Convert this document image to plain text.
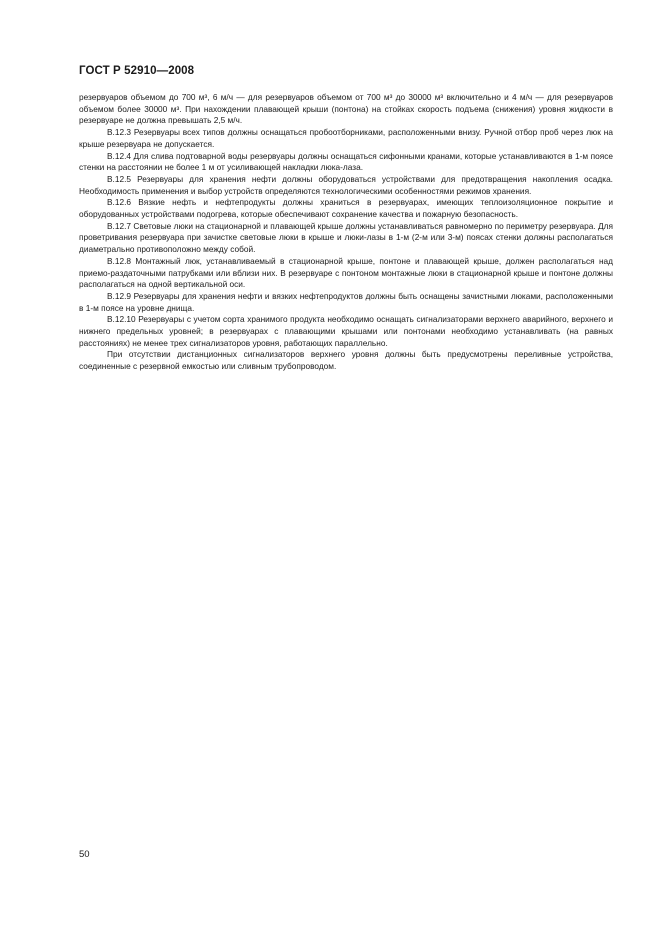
ГОСТ Р 52910—2008

резервуаров объемом до 700 м³, 6 м/ч — для резервуаров объемом от 700 м³ до 30000 м³ включительно и 4 м/ч — для резервуаров объемом более 30000 м³. При нахождении плавающей крыши (понтона) на стойках скорость подъема (снижения) уровня жидкости в резервуаре не должна превышать 2,5 м/ч.

В.12.3 Резервуары всех типов должны оснащаться пробоотборниками, расположенными внизу. Ручной отбор проб через люк на крыше резервуара не допускается.

В.12.4 Для слива подтоварной воды резервуары должны оснащаться сифонными кранами, которые устанавливаются в 1-м поясе стенки на расстоянии не более 1 м от усиливающей накладки люка-лаза.

В.12.5 Резервуары для хранения нефти должны оборудоваться устройствами для предотвращения накопления осадка. Необходимость применения и выбор устройств определяются технологическими особенностями режимов хранения.

В.12.6 Вязкие нефть и нефтепродукты должны храниться в резервуарах, имеющих теплоизоляционное покрытие и оборудованных устройствами подогрева, которые обеспечивают сохранение качества и пожарную безопасность.

В.12.7 Световые люки на стационарной и плавающей крыше должны устанавливаться равномерно по периметру резервуара. Для проветривания резервуара при зачистке световые люки в крыше и люки-лазы в 1-м (2-м или 3-м) поясах стенки должны располагаться диаметрально противоположно между собой.

В.12.8 Монтажный люк, устанавливаемый в стационарной крыше, понтоне и плавающей крыше, должен располагаться над приемо-раздаточными патрубками или вблизи них. В резервуаре с понтоном монтажные люки в стационарной крыше и понтоне должны располагаться на одной вертикальной оси.

В.12.9 Резервуары для хранения нефти и вязких нефтепродуктов должны быть оснащены зачистными люками, расположенными в 1-м поясе на уровне днища.

В.12.10 Резервуары с учетом сорта хранимого продукта необходимо оснащать сигнализаторами верхнего аварийного, верхнего и нижнего предельных уровней; в резервуарах с плавающими крышами или понтонами необходимо устанавливать (на равных расстояниях) не менее трех сигнализаторов уровня, работающих параллельно.

При отсутствии дистанционных сигнализаторов верхнего уровня должны быть предусмотрены переливные устройства, соединенные с резервной емкостью или сливным трубопроводом.

50
